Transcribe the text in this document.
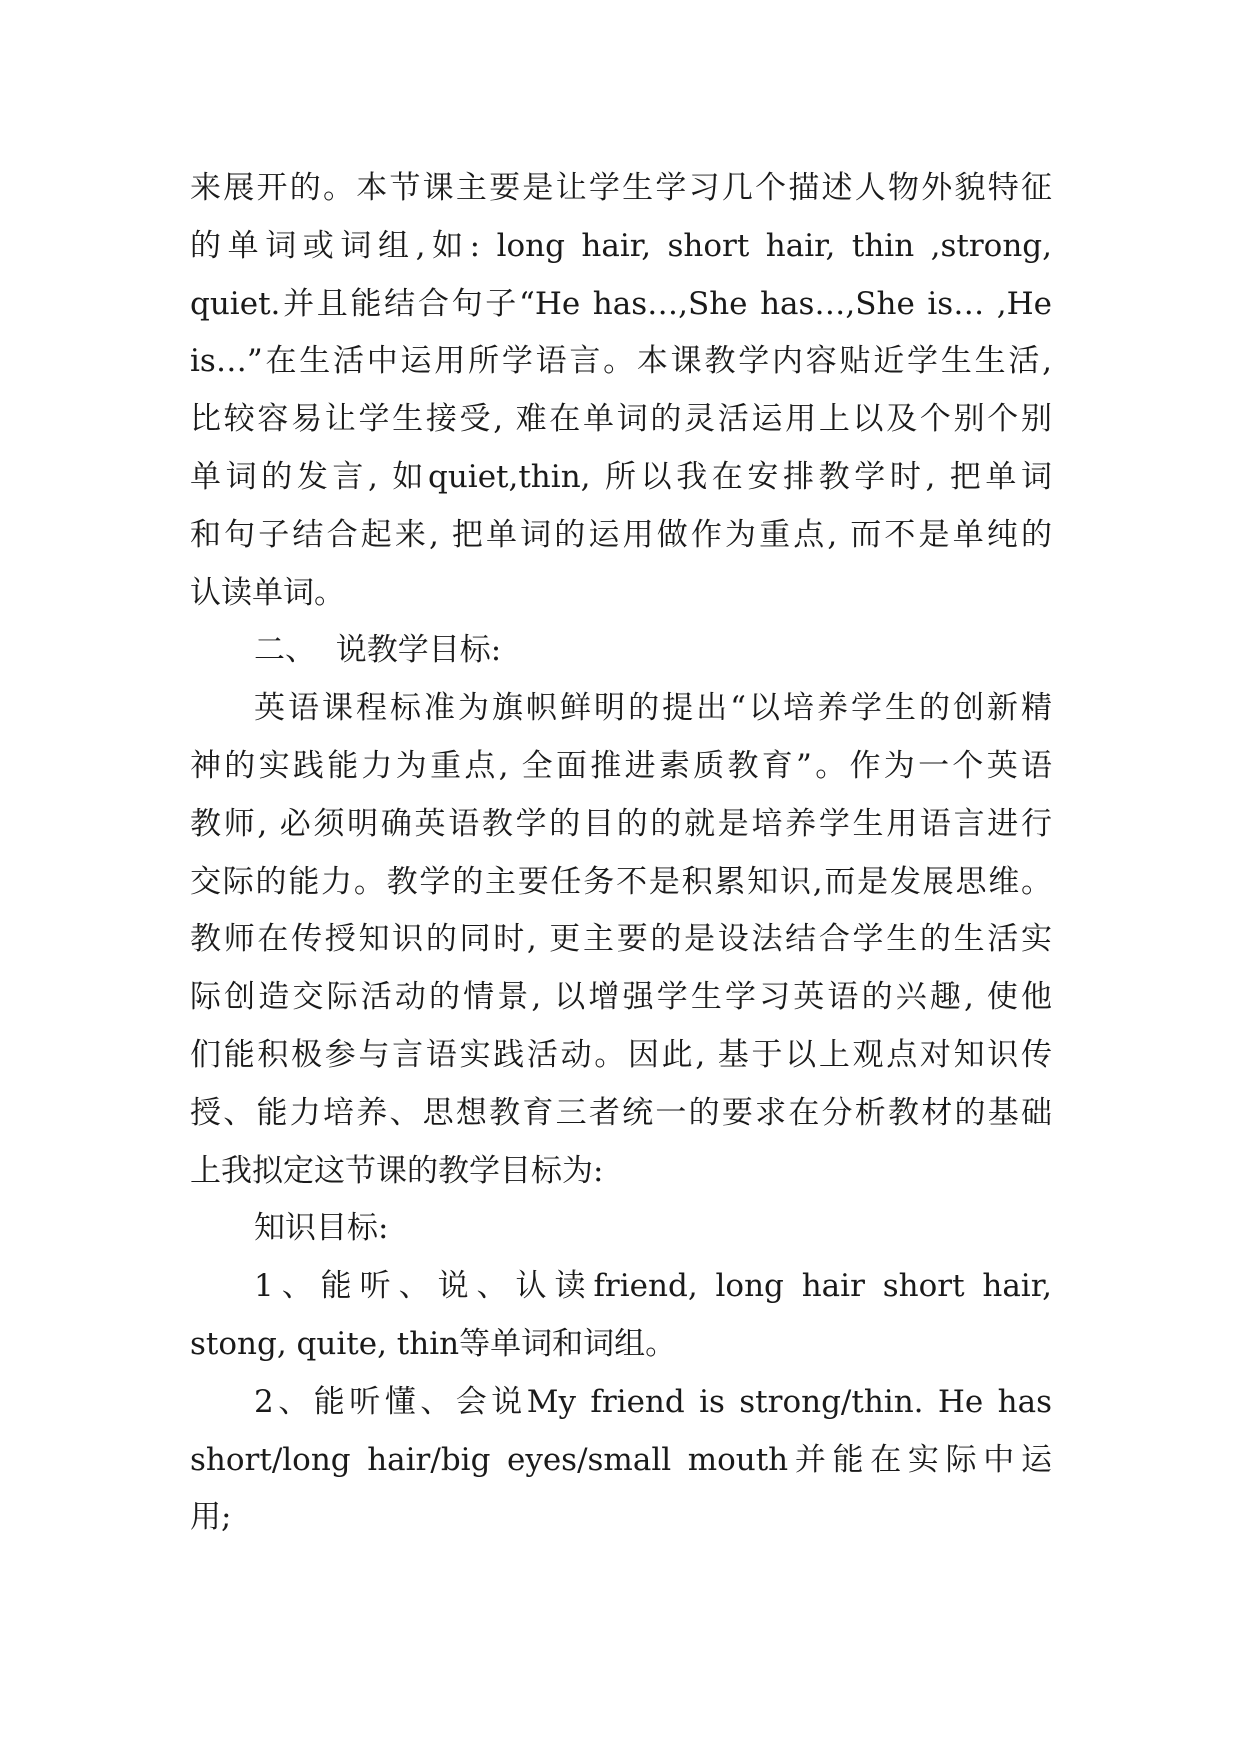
来展开的。本节课主要是让学生学习几个描述人物外貌特征
的单词或词组,如: long hair, short hair, thin ,strong,
quiet.并且能结合句子“He has…,She has…,She is… ,He
is…”在生活中运用所学语言。本课教学内容贴近学生生活,
比较容易让学生接受, 难在单词的灵活运用上以及个别个别
单词的发言, 如quiet,thin, 所以我在安排教学时, 把单词
和句子结合起来, 把单词的运用做作为重点, 而不是单纯的
认读单词。
二、  说教学目标:
英语课程标准为旗帜鲜明的提出“以培养学生的创新精
神的实践能力为重点, 全面推进素质教育”。作为一个英语
教师, 必须明确英语教学的目的的就是培养学生用语言进行
交际的能力。教学的主要任务不是积累知识,而是发展思维。
教师在传授知识的同时, 更主要的是设法结合学生的生活实
际创造交际活动的情景, 以增强学生学习英语的兴趣, 使他
们能积极参与言语实践活动。因此, 基于以上观点对知识传
授、能力培养、思想教育三者统一的要求在分析教材的基础
上我拟定这节课的教学目标为:
知识目标:
1、能听、说、认读friend, long hair short hair,
stong, quite, thin等单词和词组。
2、能听懂、会说My friend is strong/thin. He has
short/long hair/big eyes/small mouth并能在实际中运
用;
